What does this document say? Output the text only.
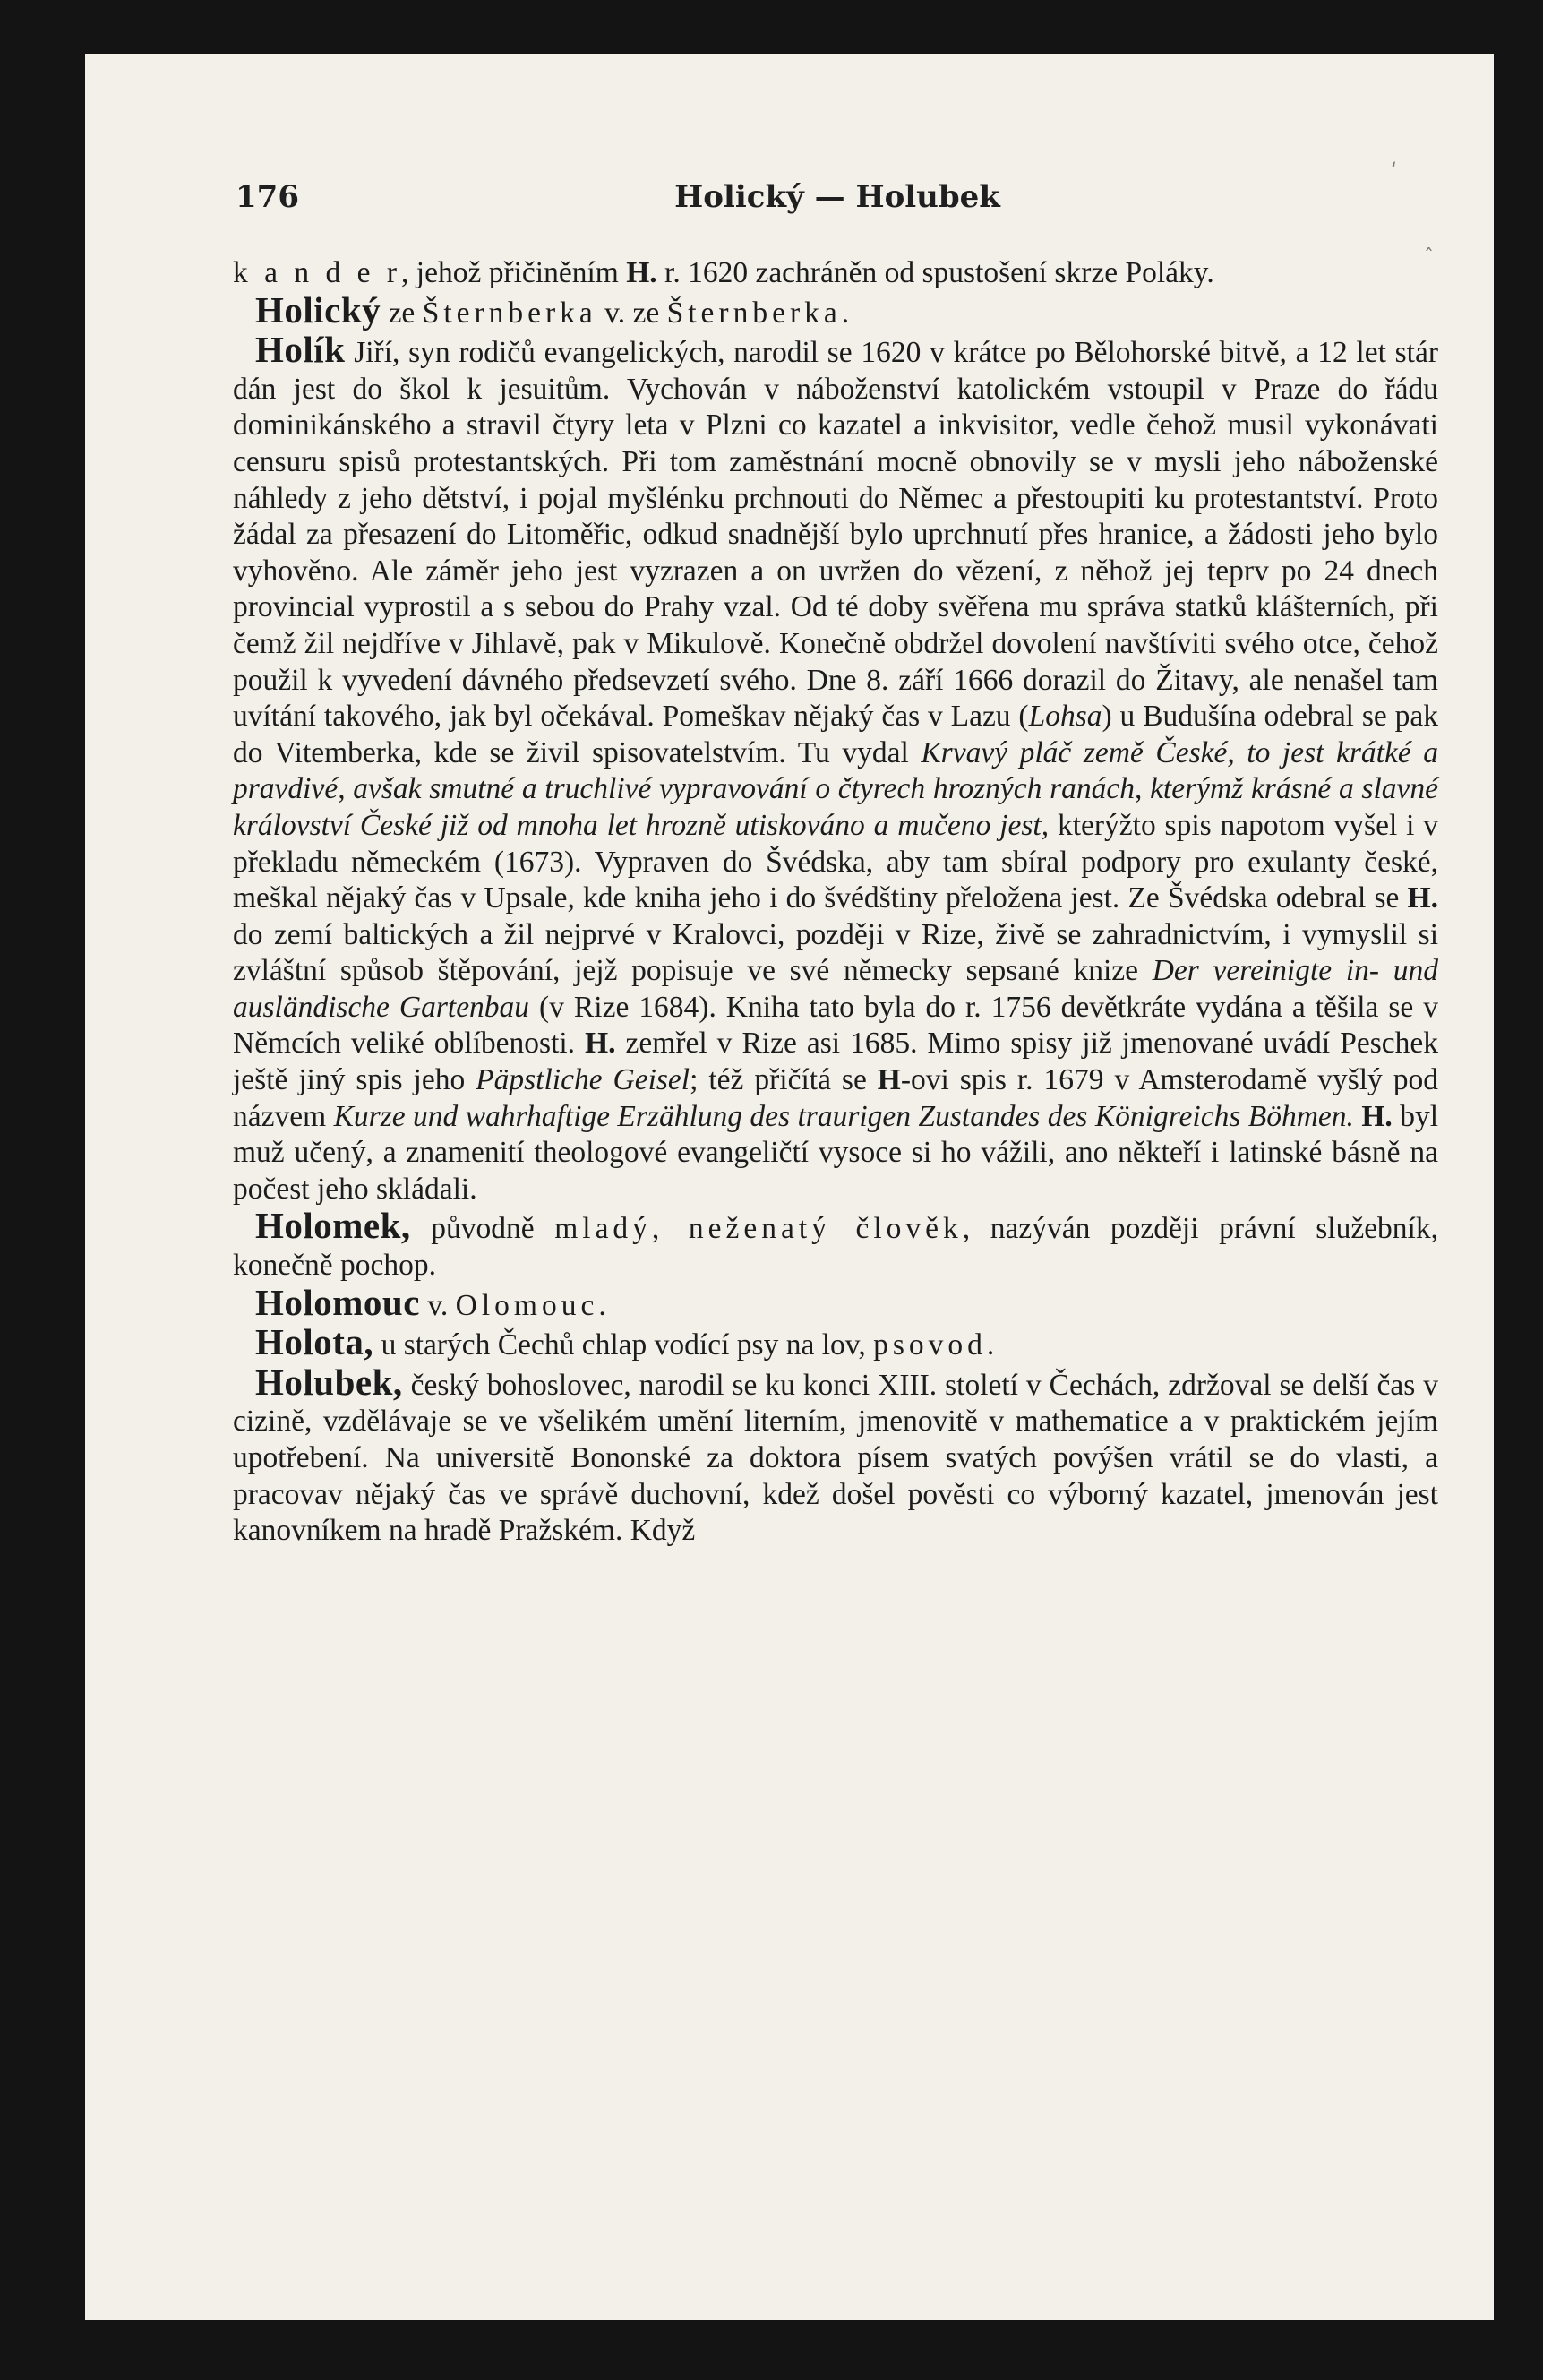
176	Holický — Holubek

k a n d e r, jehož přičiněním H. r. 1620 zachráněn od spustošení skrze Poláky.

Holický ze Šternberka v. ze Šternberka.

Holík Jiří, syn rodičů evangelických, narodil se 1620 v krátce po Bělohorské bitvě, a 12 let stár dán jest do škol k jesuitům. Vychován v náboženství katolickém vstoupil v Praze do řádu dominikánského a stravil čtyry leta v Plzni co kazatel a inkvisitor, vedle čehož musil vykonávati censuru spisů protestantských. Při tom zaměstnání mocně obnovily se v mysli jeho náboženské náhledy z jeho dětství, i pojal myšlénku prchnouti do Němec a přestoupiti ku protestantství. Proto žádal za přesazení do Litoměřic, odkud snadnější bylo uprchnutí přes hranice, a žádosti jeho bylo vyhověno. Ale záměr jeho jest vyzrazen a on uvržen do vězení, z něhož jej teprv po 24 dnech provincial vyprostil a s sebou do Prahy vzal. Od té doby svěřena mu správa statků klášterních, při čemž žil nejdříve v Jihlavě, pak v Mikulově. Konečně obdržel dovolení navštíviti svého otce, čehož použil k vyvedení dávného předsevzetí svého. Dne 8. září 1666 dorazil do Žitavy, ale nenašel tam uvítání takového, jak byl očekával. Pomeškav nějaký čas v Lazu (Lohsa) u Budušína odebral se pak do Vitemberka, kde se živil spisovatelstvím. Tu vydal Krvavý pláč země České, to jest krátké a pravdivé, avšak smutné a truchlivé vypravování o čtyrech hrozných ranách, kterýmž krásné a slavné království České již od mnoha let hrozně utiskováno a mučeno jest, kterýžto spis napotom vyšel i v překladu německém (1673). Vypraven do Švédska, aby tam sbíral podpory pro exulanty české, meškal nějaký čas v Upsale, kde kniha jeho i do švédštiny přeložena jest. Ze Švédska odebral se H. do zemí baltických a žil nejprvé v Kralovci, později v Rize, živě se zahradnictvím, i vymyslil si zvláštní spůsob štěpování, jejž popisuje ve své německy sepsané knize Der vereinigte in- und ausländische Gartenbau (v Rize 1684). Kniha tato byla do r. 1756 devětkráte vydána a těšila se v Němcích veliké oblíbenosti. H. zemřel v Rize asi 1685. Mimo spisy již jmenované uvádí Peschek ještě jiný spis jeho Päpstliche Geisel; též přičítá se H-ovi spis r. 1679 v Amsterodamě vyšlý pod názvem Kurze und wahrhaftige Erzählung des traurigen Zustandes des Königreichs Böhmen. H. byl muž učený, a znamenití theologové evangeličtí vysoce si ho vážili, ano někteří i latinské básně na počest jeho skládali.

Holomek, původně mladý, neženatý člověk, nazýván později právní služebník, konečně pochop.

Holomouc v. Olomouc.

Holota, u starých Čechů chlap vodící psy na lov, psovod.

Holubek, český bohoslovec, narodil se ku konci XIII. století v Čechách, zdržoval se delší čas v cizině, vzdělávaje se ve všelikém umění literním, jmenovitě v mathematice a v praktickém jejím upotřebení. Na universitě Bononské za doktora písem svatých povýšen vrátil se do vlasti, a pracovav nějaký čas ve správě duchovní, kdež došel pověsti co výborný kazatel, jmenován jest kanovníkem na hradě Pražském. Když

‘
ˆ
